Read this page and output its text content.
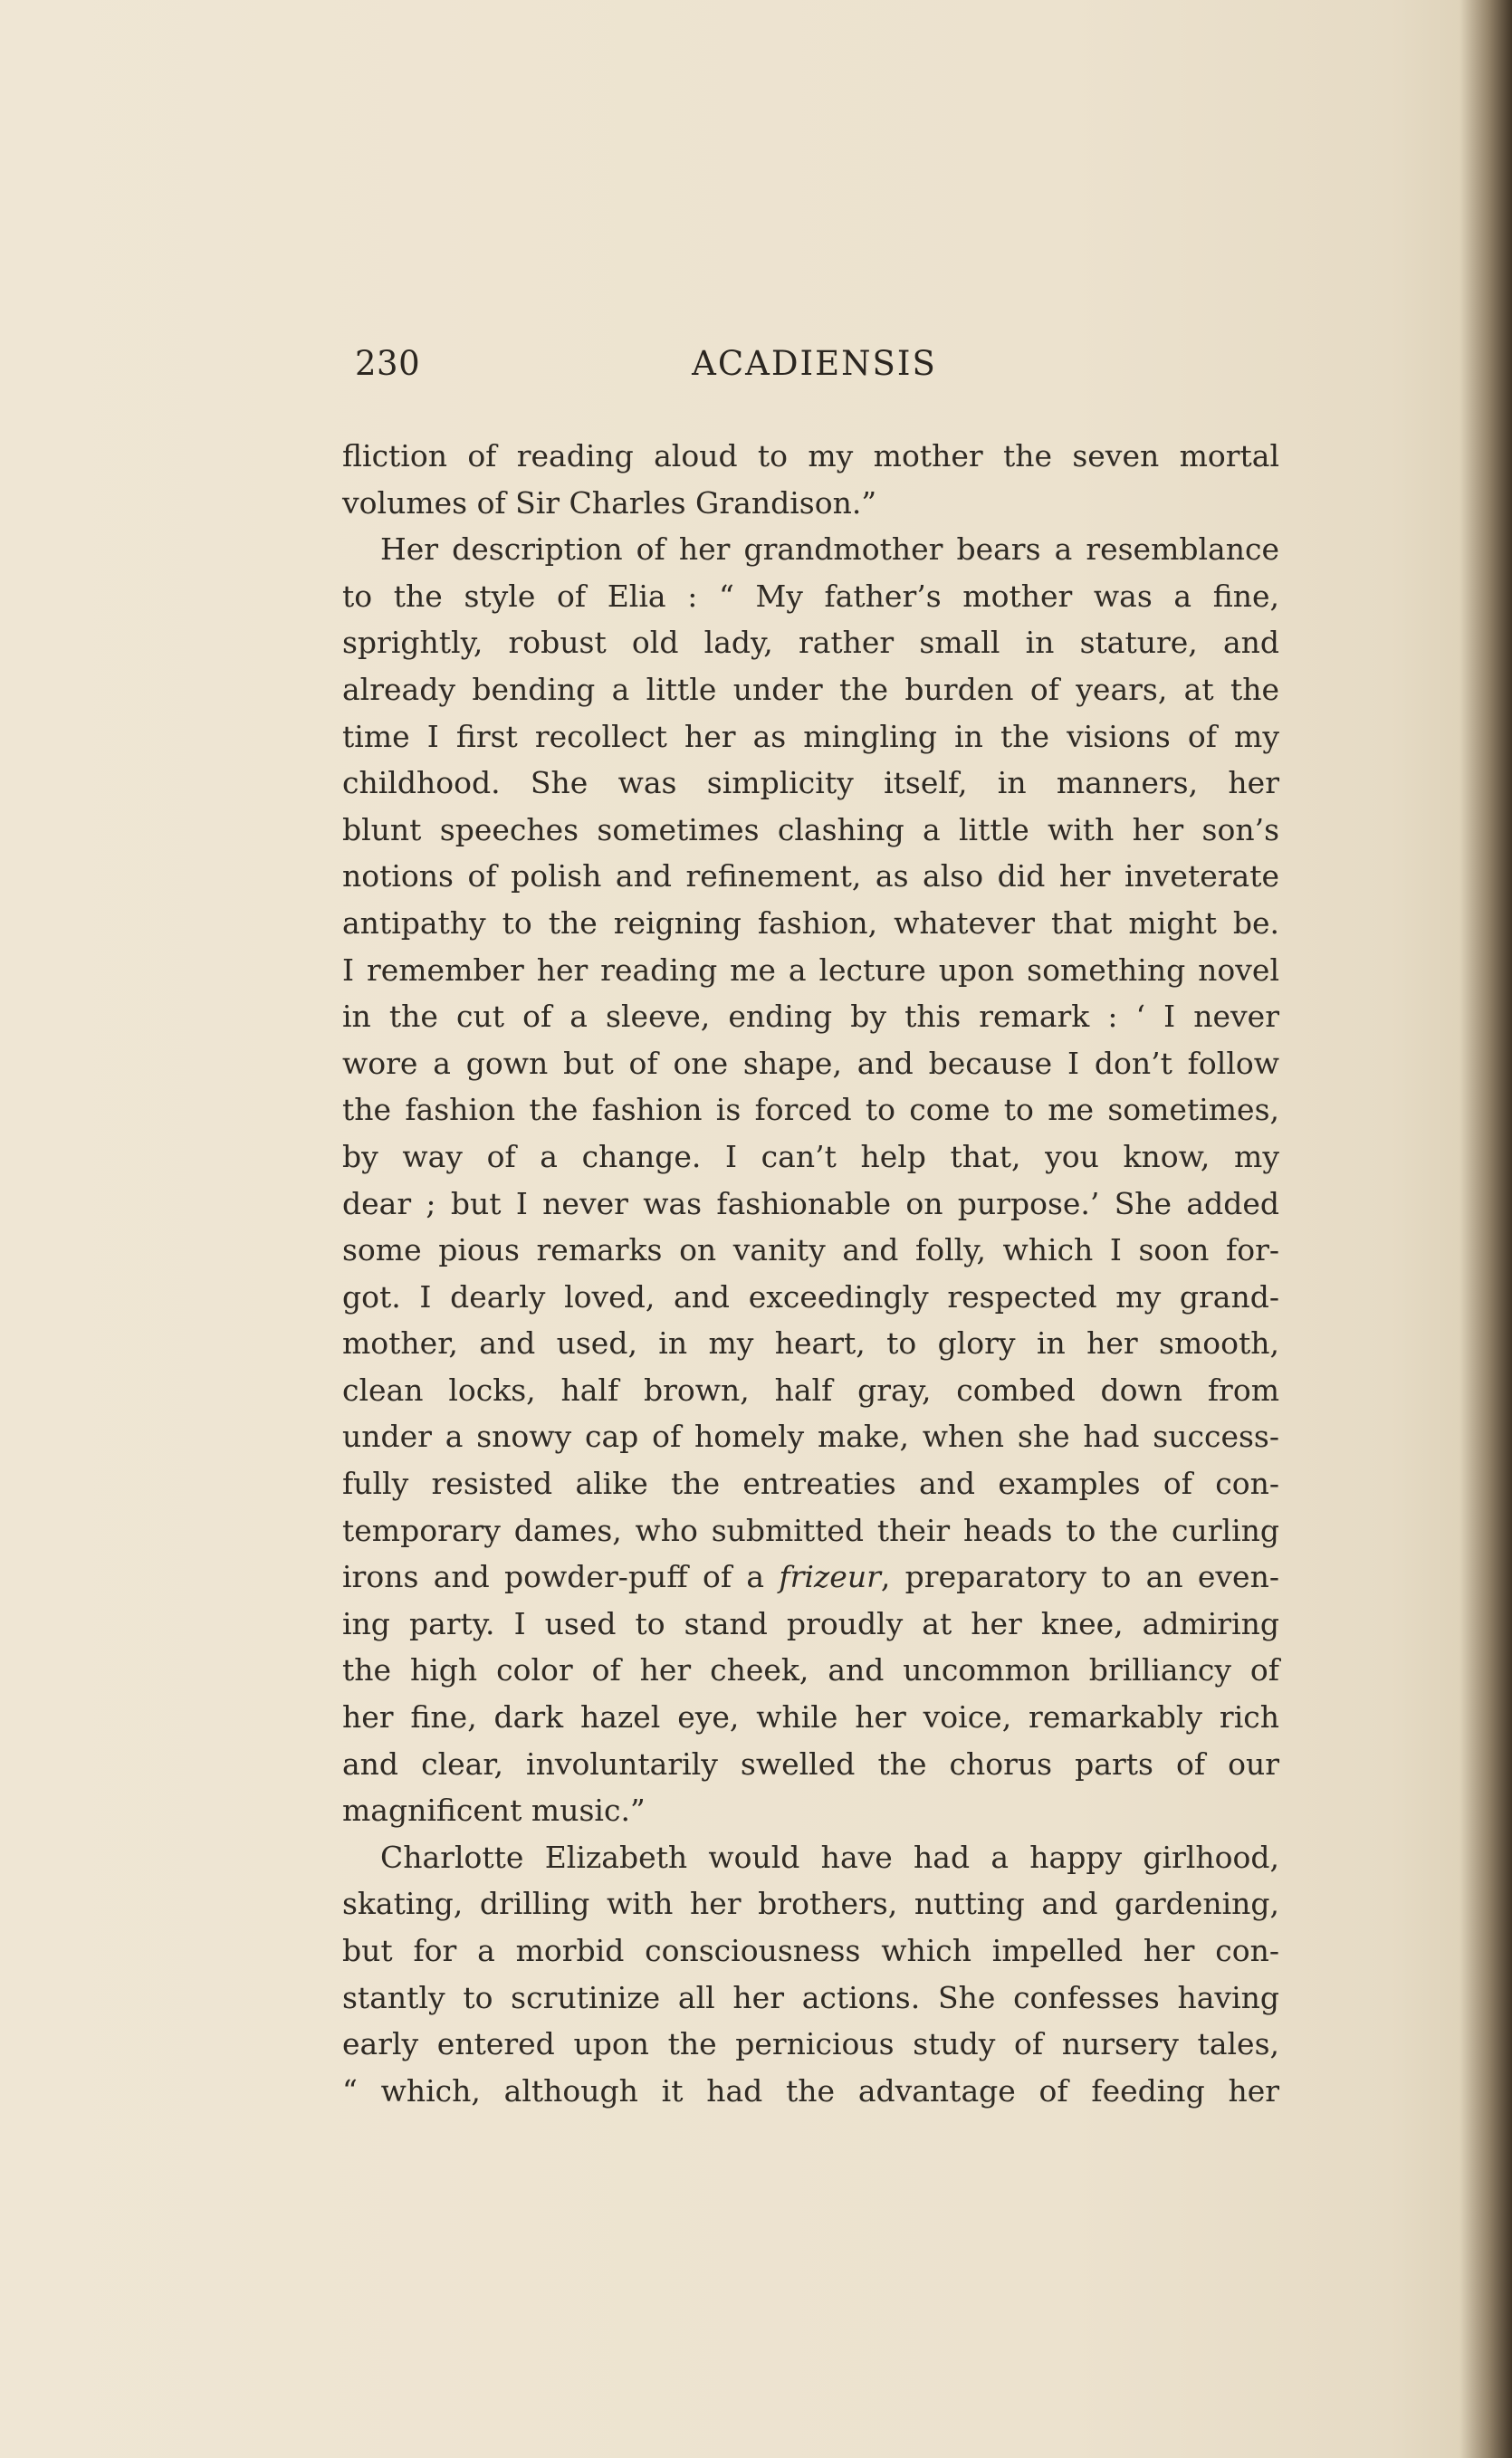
230	ACADIENSIS
fliction of reading aloud to my mother the seven mortal
volumes of Sir Charles Grandison.”
Her description of her grandmother bears a resemblance
to the style of Elia : “ My father’s mother was a fine,
sprightly, robust old lady, rather small in stature, and
already bending a little under the burden of years, at the
time I first recollect her as mingling in the visions of my
childhood. She was simplicity itself, in manners, her
blunt speeches sometimes clashing a little with her son’s
notions of polish and refinement, as also did her inveterate
antipathy to the reigning fashion, whatever that might be.
I remember her reading me a lecture upon something novel
in the cut of a sleeve, ending by this remark : ‘ I never
wore a gown but of one shape, and because I don’t follow
the fashion the fashion is forced to come to me sometimes,
by way of a change. I can’t help that, you know, my
dear ; but I never was fashionable on purpose.’ She added
some pious remarks on vanity and folly, which I soon for-
got. I dearly loved, and exceedingly respected my grand-
mother, and used, in my heart, to glory in her smooth,
clean locks, half brown, half gray, combed down from
under a snowy cap of homely make, when she had success-
fully resisted alike the entreaties and examples of con-
temporary dames, who submitted their heads to the curling
irons and powder-puff of a frizeur, preparatory to an even-
ing party. I used to stand proudly at her knee, admiring
the high color of her cheek, and uncommon brilliancy of
her fine, dark hazel eye, while her voice, remarkably rich
and clear, involuntarily swelled the chorus parts of our
magnificent music.”
Charlotte Elizabeth would have had a happy girlhood,
skating, drilling with her brothers, nutting and gardening,
but for a morbid consciousness which impelled her con-
stantly to scrutinize all her actions. She confesses having
early entered upon the pernicious study of nursery tales,
“ which, although it had the advantage of feeding her
